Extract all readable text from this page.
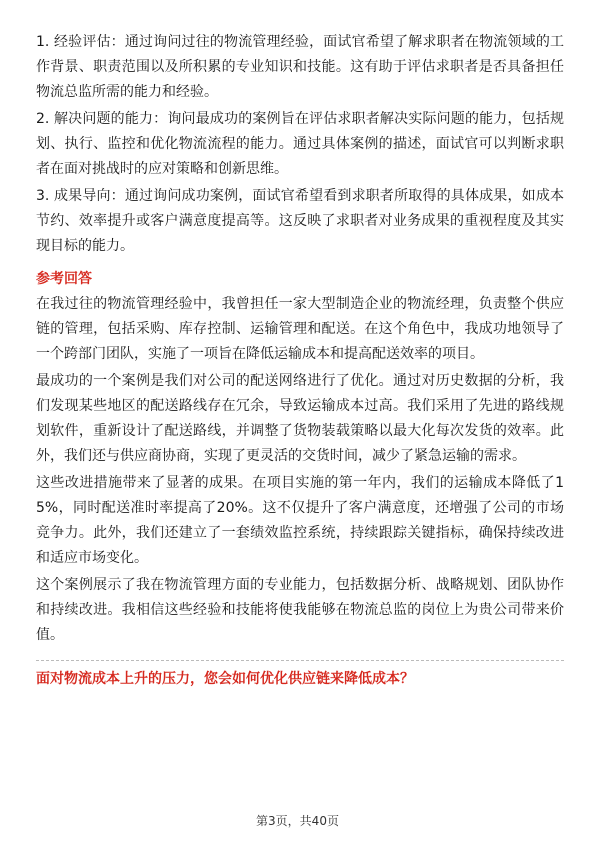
1. 经验评估：通过询问过往的物流管理经验，面试官希望了解求职者在物流领域的工作背景、职责范围以及所积累的专业知识和技能。这有助于评估求职者是否具备担任物流总监所需的能力和经验。

2. 解决问题的能力：询问最成功的案例旨在评估求职者解决实际问题的能力，包括规划、执行、监控和优化物流流程的能力。通过具体案例的描述，面试官可以判断求职者在面对挑战时的应对策略和创新思维。

3. 成果导向：通过询问成功案例，面试官希望看到求职者所取得的具体成果，如成本节约、效率提升或客户满意度提高等。这反映了求职者对业务成果的重视程度及其实现目标的能力。

参考回答

在我过往的物流管理经验中，我曾担任一家大型制造企业的物流经理，负责整个供应链的管理，包括采购、库存控制、运输管理和配送。在这个角色中，我成功地领导了一个跨部门团队，实施了一项旨在降低运输成本和提高配送效率的项目。

最成功的一个案例是我们对公司的配送网络进行了优化。通过对历史数据的分析，我们发现某些地区的配送路线存在冗余，导致运输成本过高。我们采用了先进的路线规划软件，重新设计了配送路线，并调整了货物装载策略以最大化每次发货的效率。此外，我们还与供应商协商，实现了更灵活的交货时间，减少了紧急运输的需求。

这些改进措施带来了显著的成果。在项目实施的第一年内，我们的运输成本降低了15%，同时配送准时率提高了20%。这不仅提升了客户满意度，还增强了公司的市场竞争力。此外，我们还建立了一套绩效监控系统，持续跟踪关键指标，确保持续改进和适应市场变化。

这个案例展示了我在物流管理方面的专业能力，包括数据分析、战略规划、团队协作和持续改进。我相信这些经验和技能将使我能够在物流总监的岗位上为贵公司带来价值。

面对物流成本上升的压力，您会如何优化供应链来降低成本？

第3页，共40页
